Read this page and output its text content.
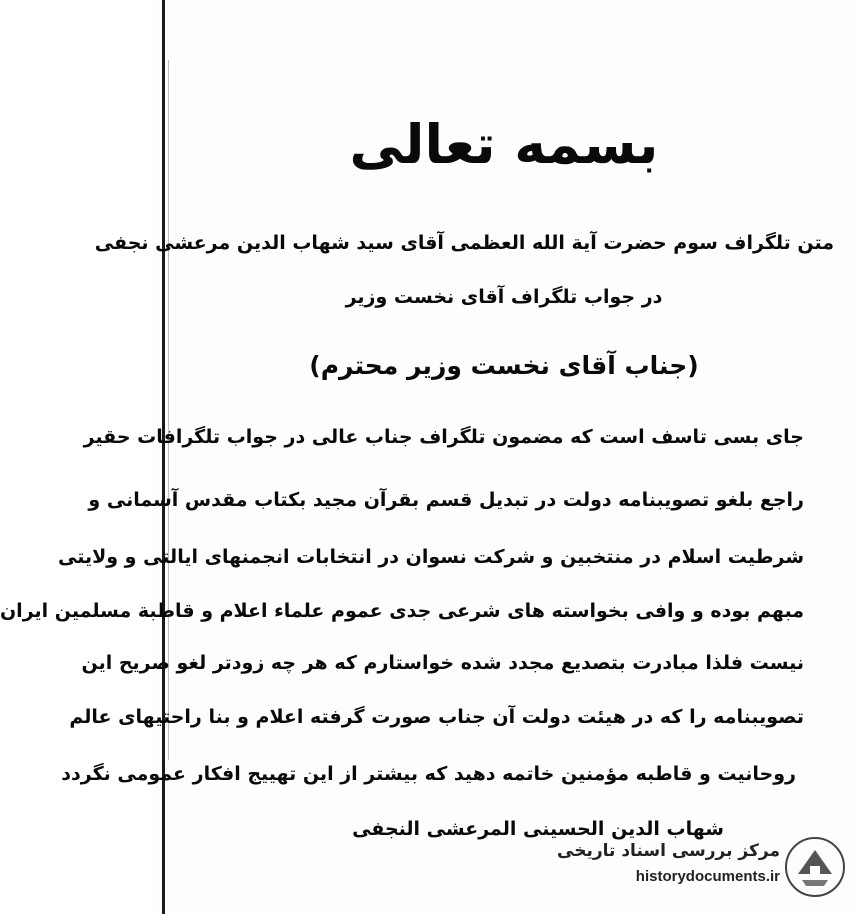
بسمه تعالی
متن تلگراف سوم حضرت آیة الله العظمی آقای سید شهاب الدین مرعشی نجفی
در جواب تلگراف آقای نخست وزیر
(جناب آقای نخست وزیر محترم)
جای بسی تاسف است که مضمون تلگراف جناب عالی در جواب تلگرافات حقیر
راجع بلغو تصویبنامه دولت در تبدیل قسم بقرآن مجید بکتاب مقدس آسمانی و
شرطیت اسلام در منتخبین و شرکت نسوان در انتخابات انجمنهای ایالتی و ولایتی
مبهم بوده و وافی بخواسته های شرعی جدی عموم علماء اعلام و قاطبة مسلمین ایران
نیست فلذا مبادرت بتصدیع مجدد شده خواستارم که هر چه زودتر لغو صریح این
تصویبنامه را که در هیئت دولت آن جناب صورت گرفته اعلام و بنا راحتیهای عالم
روحانیت و قاطبه مؤمنین خاتمه دهید که بیشتر از این تهییج افکار عمومی نگردد
شهاب الدین الحسینی المرعشی النجفی
مرکز بررسی اسناد تاریخی
historydocuments.ir
